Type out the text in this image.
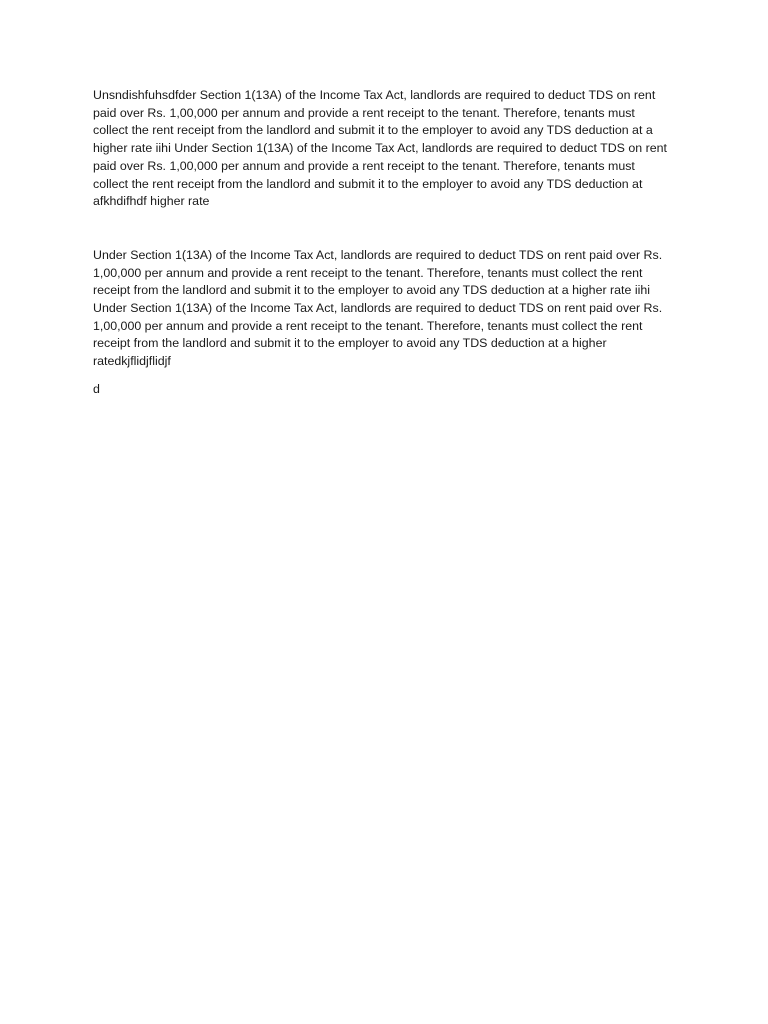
Unsndishfuhsdfder Section 1(13A) of the Income Tax Act, landlords are required to deduct TDS on rent paid over Rs. 1,00,000 per annum and provide a rent receipt to the tenant. Therefore, tenants must collect the rent receipt from the landlord and submit it to the employer to avoid any TDS deduction at a higher rate iihi Under Section 1(13A) of the Income Tax Act, landlords are required to deduct TDS on rent paid over Rs. 1,00,000 per annum and provide a rent receipt to the tenant. Therefore, tenants must collect the rent receipt from the landlord and submit it to the employer to avoid any TDS deduction at afkhdifhdf higher rate

Under Section 1(13A) of the Income Tax Act, landlords are required to deduct TDS on rent paid over Rs. 1,00,000 per annum and provide a rent receipt to the tenant. Therefore, tenants must collect the rent receipt from the landlord and submit it to the employer to avoid any TDS deduction at a higher rate iihi Under Section 1(13A) of the Income Tax Act, landlords are required to deduct TDS on rent paid over Rs. 1,00,000 per annum and provide a rent receipt to the tenant. Therefore, tenants must collect the rent receipt from the landlord and submit it to the employer to avoid any TDS deduction at a higher ratedkjflidjflidjf

d
